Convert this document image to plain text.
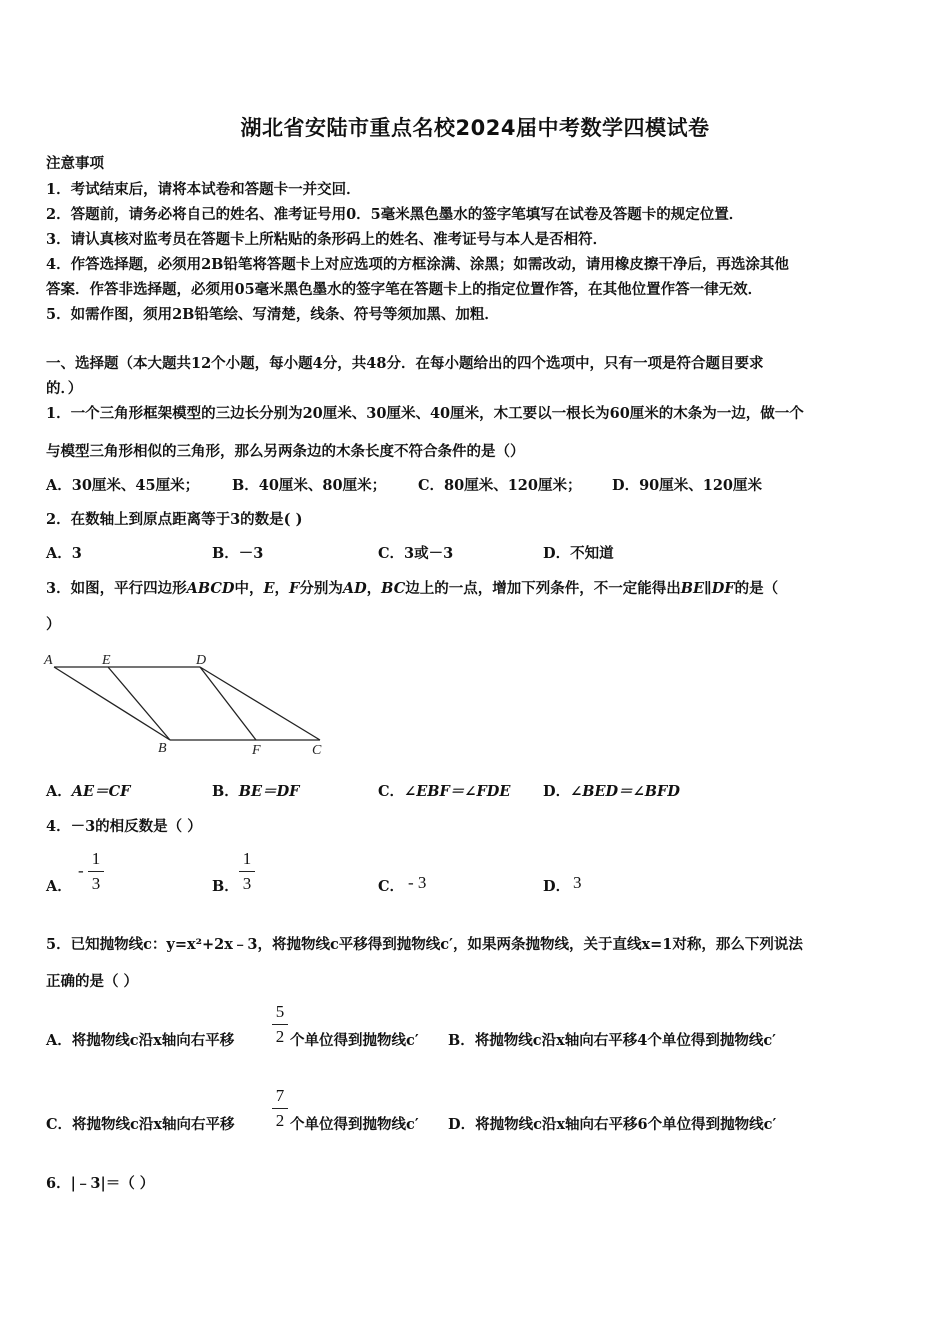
湖北省安陆市重点名校2024届中考数学四模试卷
注意事项
1．考试结束后，请将本试卷和答题卡一并交回．
2．答题前，请务必将自己的姓名、准考证号用0．5毫米黑色墨水的签字笔填写在试卷及答题卡的规定位置．
3．请认真核对监考员在答题卡上所粘贴的条形码上的姓名、准考证号与本人是否相符．
4．作答选择题，必须用2B铅笔将答题卡上对应选项的方框涂满、涂黑；如需改动，请用橡皮擦干净后，再选涂其他
答案．作答非选择题，必须用05毫米黑色墨水的签字笔在答题卡上的指定位置作答，在其他位置作答一律无效．
5．如需作图，须用2B铅笔绘、写清楚，线条、符号等须加黑、加粗．
一、选择题（本大题共12个小题，每小题4分，共48分．在每小题给出的四个选项中，只有一项是符合题目要求
的．）
1．一个三角形框架模型的三边长分别为20厘米、30厘米、40厘米，木工要以一根长为60厘米的木条为一边，做一个
与模型三角形相似的三角形，那么另两条边的木条长度不符合条件的是（）
A．30厘米、45厘米； B．40厘米、80厘米； C．80厘米、120厘米； D．90厘米、120厘米
2．在数轴上到原点距离等于3的数是( )
A．3	B．－3	C．3或－3	D．不知道
3．如图，平行四边形ABCD中，E，F分别为AD，BC边上的一点，增加下列条件，不一定能得出BE∥DF的是（
）
A	E	D
B	F	C
A．AE＝CF	B．BE＝DF	C．∠EBF＝∠FDE D．∠BED＝∠BFD
4．－3的相反数是（ ）
A．
-
1
3	B．
1
3	C． - 3	D． 3
5．已知抛物线c：y=x²+2x﹣3，将抛物线c平移得到抛物线c′，如果两条抛物线，关于直线x=1对称，那么下列说法
正确的是（ ）
A．将抛物线c沿x轴向右平移
5
2 个单位得到抛物线c′ B．将抛物线c沿x轴向右平移4个单位得到抛物线c′
C．将抛物线c沿x轴向右平移
7
2 个单位得到抛物线c′ D．将抛物线c沿x轴向右平移6个单位得到抛物线c′
6．|﹣3|＝（ ）
